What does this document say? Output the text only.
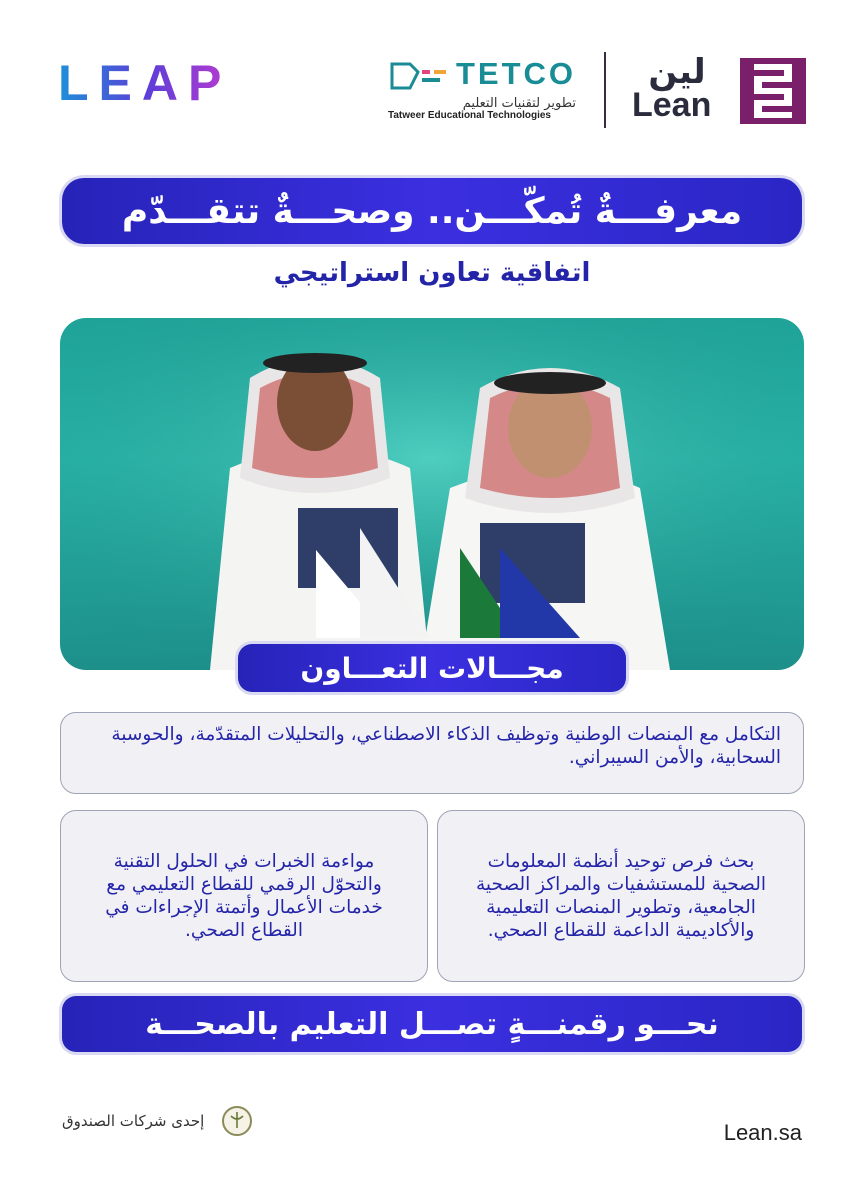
LEAP	TETCO
تطوير لتقنيات التعليم
Tatweer Educational Technologies
لين
Lean
معرفـــةٌ تُمكّـــن.. وصحـــةٌ تتقـــدّم
اتفاقية تعاون استراتيجي
مجـــالات التعـــاون
التكامل مع المنصات الوطنية وتوظيف الذكاء الاصطناعي، والتحليلات المتقدّمة، والحوسبة السحابية، والأمن السيبراني.
بحث فرص توحيد أنظمة المعلومات الصحية للمستشفيات والمراكز الصحية الجامعية، وتطوير المنصات التعليمية والأكاديمية الداعمة للقطاع الصحي.
مواءمة الخبرات في الحلول التقنية والتحوّل الرقمي للقطاع التعليمي مع خدمات الأعمال وأتمتة الإجراءات في القطاع الصحي.
نحـــو رقمنـــةٍ تصـــل التعليم بالصحـــة
إحدى شركات الصندوق	Lean.sa
